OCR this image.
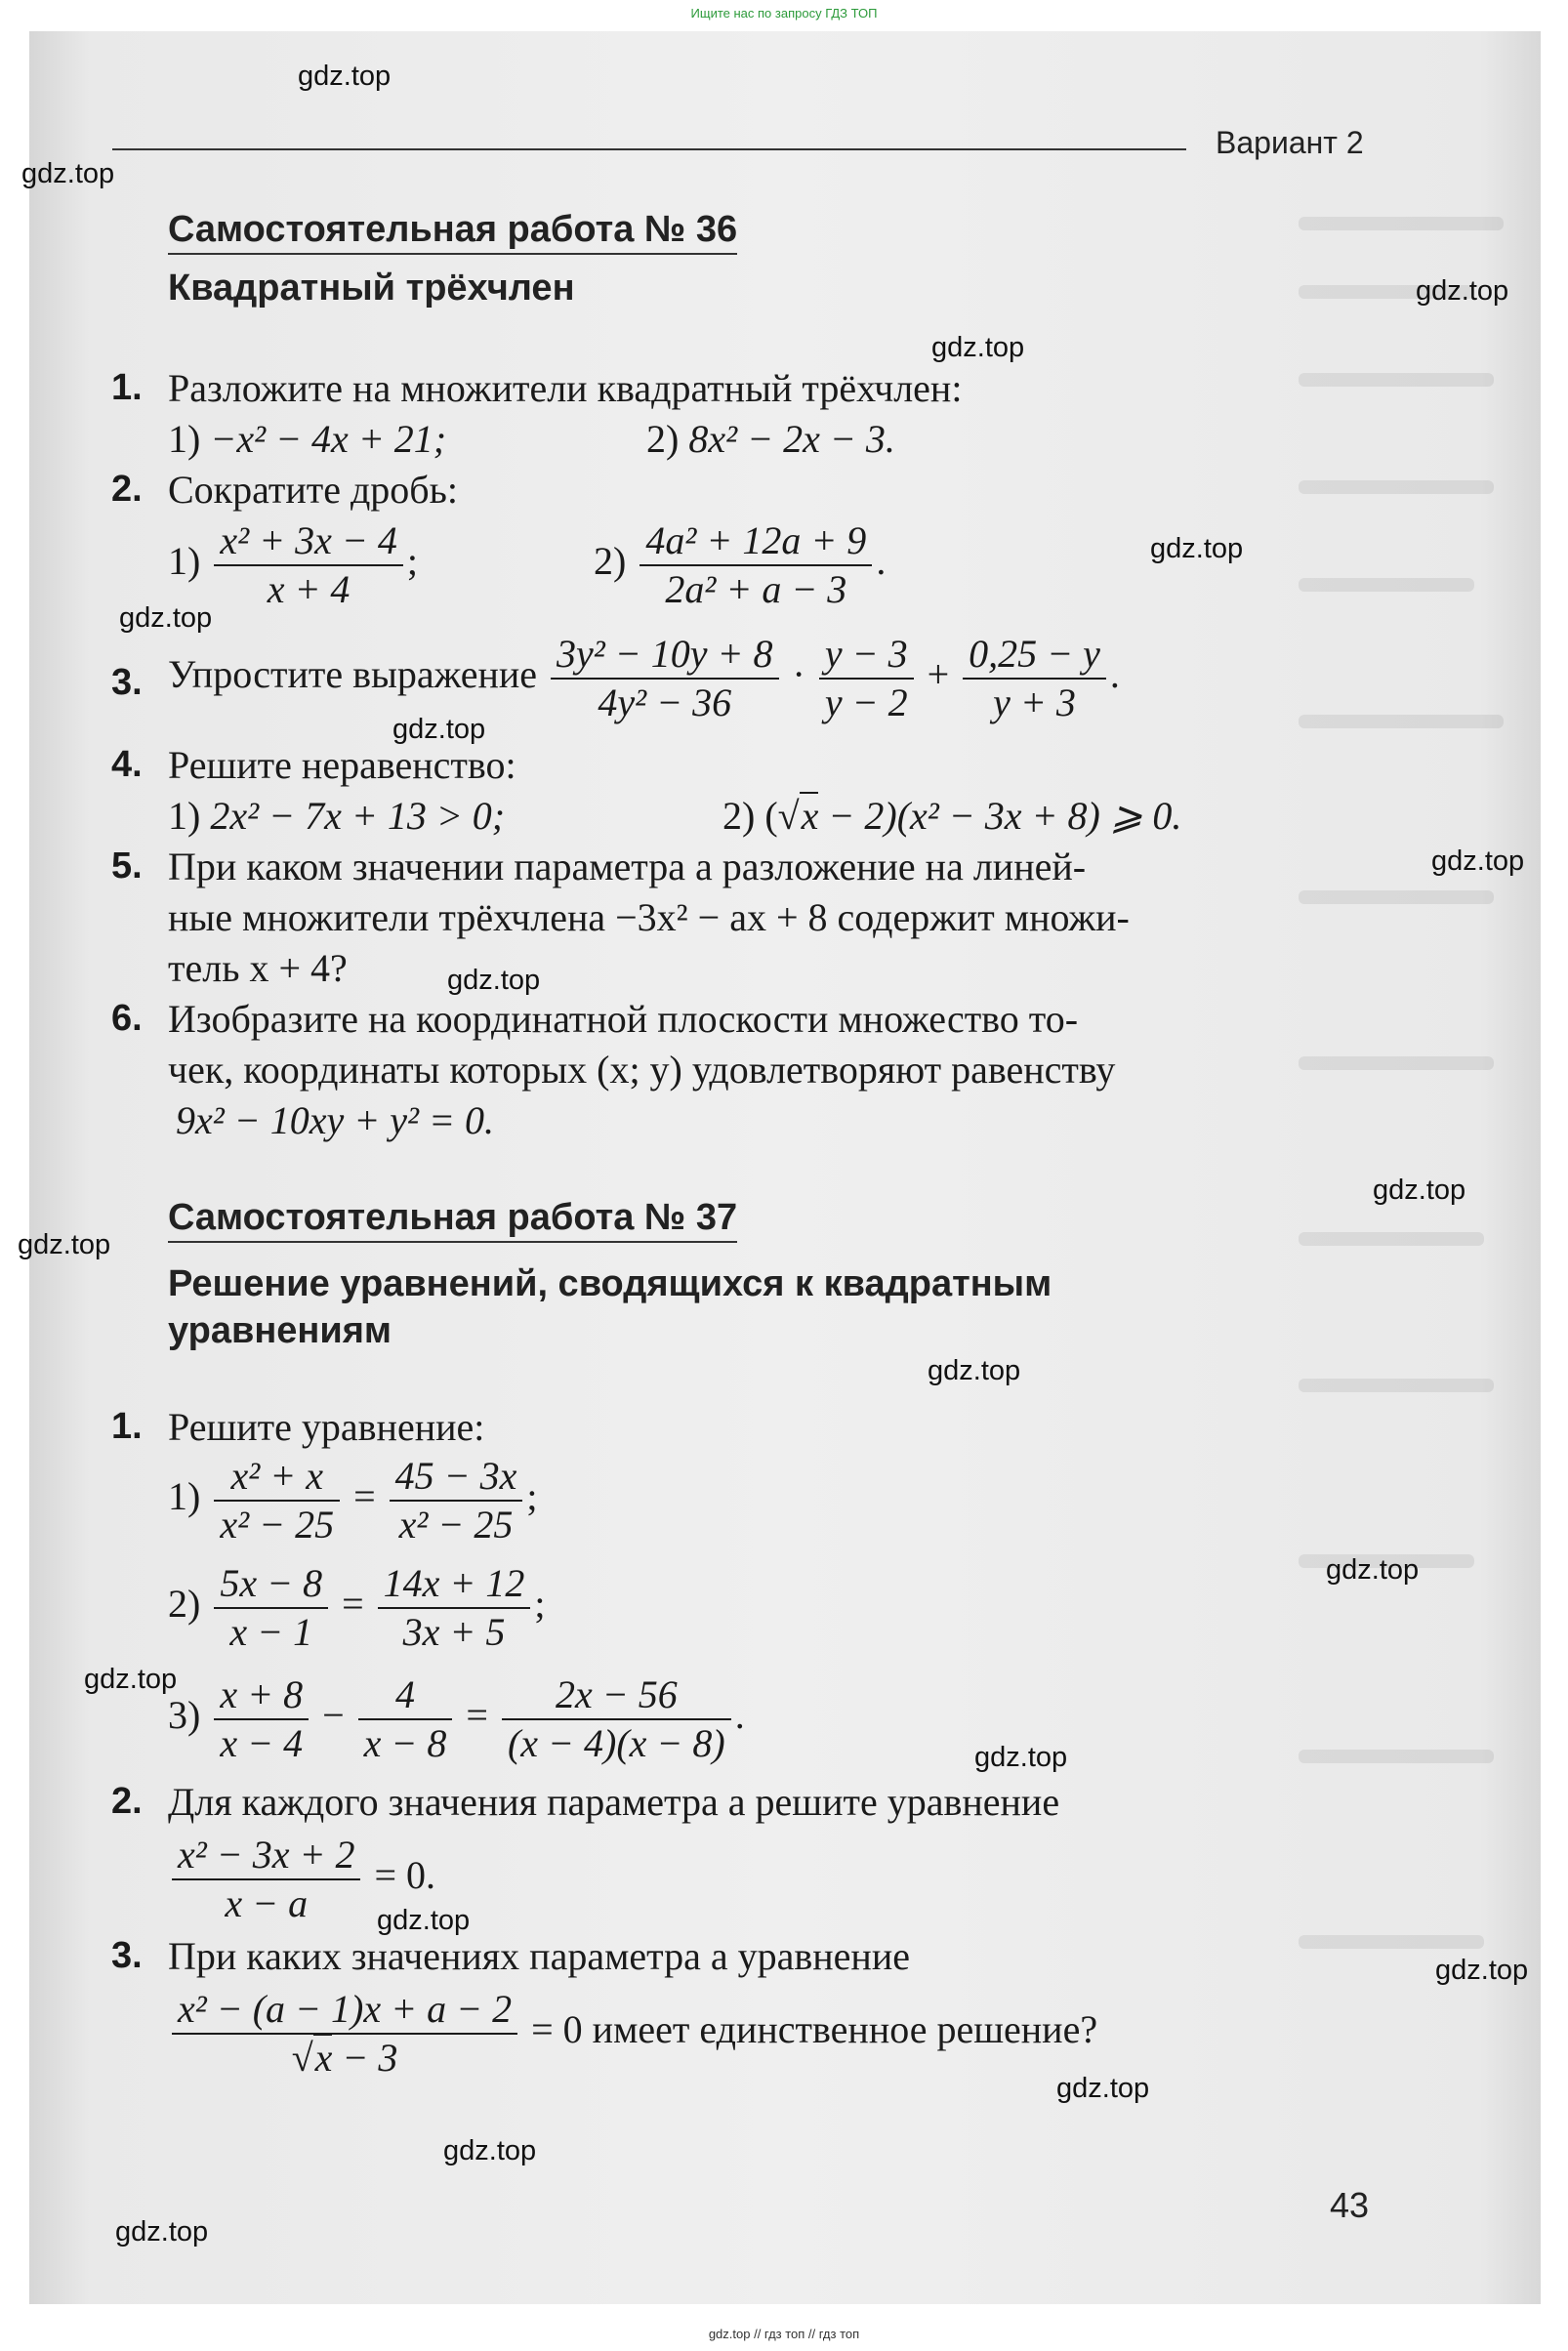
Ищите нас по запросу ГДЗ ТОП
gdz.top
gdz.top
gdz.top
gdz.top
gdz.top
gdz.top
gdz.top
gdz.top
gdz.top
gdz.top
gdz.top
gdz.top
gdz.top
gdz.top
gdz.top
gdz.top
gdz.top
gdz.top
gdz.top
gdz.top
Вариант 2
Самостоятельная работа № 36
Квадратный трёхчлен
1. Разложите на множители квадратный трёхчлен:
1) −x² − 4x + 21;	2) 8x² − 2x − 3.
2. Сократите дробь:
$1) \frac{\text{x² + 3x − 4}}{x + 4}$ ;	$2) \frac{\text{4a² + 12a + 9}}{\text{2a² + a − 3}}$ .
3. Упростите выражение $\frac{\text{3y² − 10y + 8}}{\text{4y² − 36}} \cdot \frac{y - 3}{y - 2} + \frac{0,25 - y}{y + 3}$ .
4. Решите неравенство:
1) 2x² − 7x + 13 > 0;	2) (√x − 2)(x² − 3x + 8) ⩾ 0.
5. При каком значении параметра a разложение на линей-
ные множители трёхчлена −3x² − ax + 8 содержит множи-
тель x + 4?
6. Изобразите на координатной плоскости множество то-
чек, координаты которых (x; y) удовлетворяют равенству
9x² − 10xy + y² = 0.
Самостоятельная работа № 37
Решение уравнений, сводящихся к квадратным
уравнениям
1. Решите уравнение:
$1) \frac{\text{x² + x}}{\text{x² − 25}} = \frac{45 - 3x}{\text{x² − 25}}$ ;
$2) \frac{5x - 8}{x - 1} = \frac{14x + 12}{3x + 5}$ ;
$3) \frac{x + 8}{x - 4} - \frac{4}{x - 8} = \frac{2x - 56}{(x - 4)(x - 8)}$ .
2. Для каждого значения параметра a решите уравнение
$\frac{\text{x² − 3x + 2}}{x - a} = 0$.
3. При каких значениях параметра a уравнение
$\frac{\text{x² − (a − 1)x + a − 2}}{√x - 3} = 0$ имеет единственное решение?
43
gdz.top // гдз топ // гдз топ
